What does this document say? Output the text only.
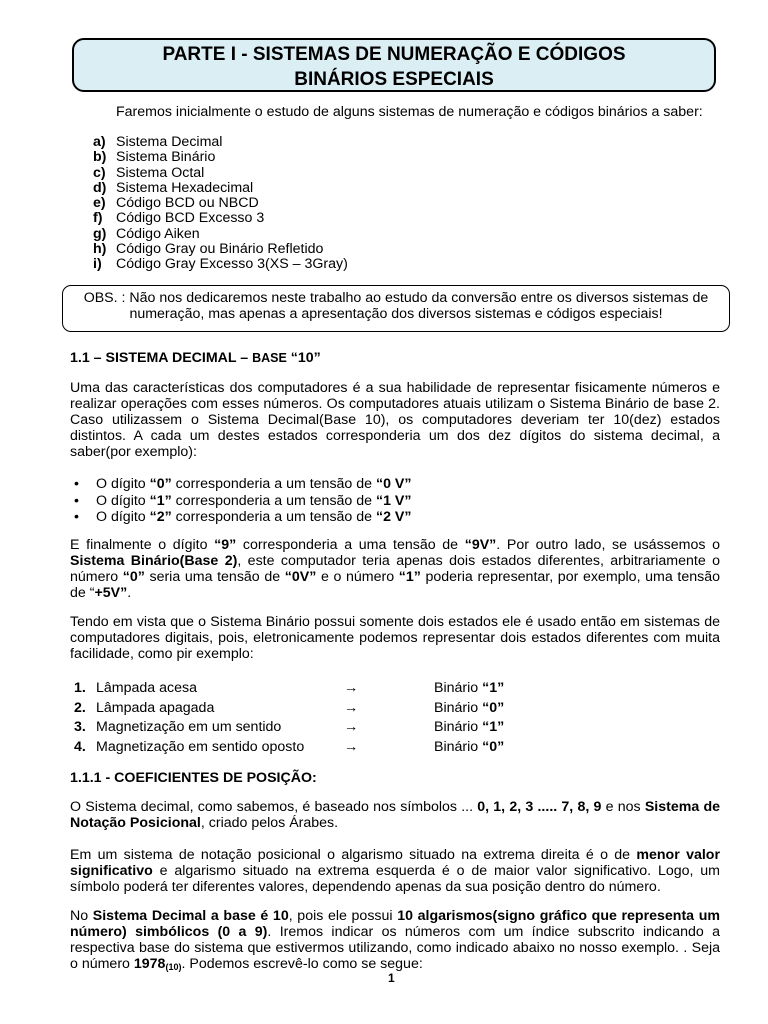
PARTE I - SISTEMAS DE NUMERAÇÃO E CÓDIGOS
BINÁRIOS ESPECIAIS
Faremos inicialmente o estudo de alguns sistemas de numeração e códigos binários a saber:
a) Sistema Decimal
b) Sistema Binário
c) Sistema Octal
d) Sistema Hexadecimal
e) Código BCD ou NBCD
f) Código BCD Excesso 3
g) Código Aiken
h) Código Gray ou Binário Refletido
i) Código Gray Excesso 3(XS – 3Gray)
OBS. : Não nos dedicaremos neste trabalho ao estudo da conversão entre os diversos sistemas de
numeração, mas apenas a apresentação dos diversos sistemas e códigos especiais!
1.1 – SISTEMA DECIMAL – BASE “10”
Uma das características dos computadores é a sua habilidade de representar fisicamente números e
realizar operações com esses números. Os computadores atuais utilizam o Sistema Binário de base 2.
Caso utilizassem o Sistema Decimal(Base 10), os computadores deveriam ter 10(dez) estados
distintos. A cada um destes estados corresponderia um dos dez dígitos do sistema decimal, a
saber(por exemplo):
• O dígito “0” corresponderia a um tensão de “0 V”
• O dígito “1” corresponderia a um tensão de “1 V”
• O dígito “2” corresponderia a um tensão de “2 V”
E finalmente o dígito “9” corresponderia a uma tensão de “9V”. Por outro lado, se usássemos o
Sistema Binário(Base 2), este computador teria apenas dois estados diferentes, arbitrariamente o
número “0” seria uma tensão de “0V” e o número “1” poderia representar, por exemplo, uma tensão
de “+5V”.
Tendo em vista que o Sistema Binário possui somente dois estados ele é usado então em sistemas de
computadores digitais, pois, eletronicamente podemos representar dois estados diferentes com muita
facilidade, como pir exemplo:
1. Lâmpada acesa	→	Binário “1”
2. Lâmpada apagada	→	Binário “0”
3. Magnetização em um sentido	→	Binário “1”
4. Magnetização em sentido oposto	→	Binário “0”
1.1.1 - COEFICIENTES DE POSIÇÃO:
O Sistema decimal, como sabemos, é baseado nos símbolos ... 0, 1, 2, 3 ..... 7, 8, 9 e nos Sistema de
Notação Posicional, criado pelos Árabes.
Em um sistema de notação posicional o algarismo situado na extrema direita é o de menor valor
significativo e algarismo situado na extrema esquerda é o de maior valor significativo. Logo, um
símbolo poderá ter diferentes valores, dependendo apenas da sua posição dentro do número.
No Sistema Decimal a base é 10, pois ele possui 10 algarismos(signo gráfico que representa um
número) simbólicos (0 a 9). Iremos indicar os números com um índice subscrito indicando a
respectiva base do sistema que estivermos utilizando, como indicado abaixo no nosso exemplo. . Seja
o número $1978_{(10)}$. Podemos escrevê-lo como se segue:
1
